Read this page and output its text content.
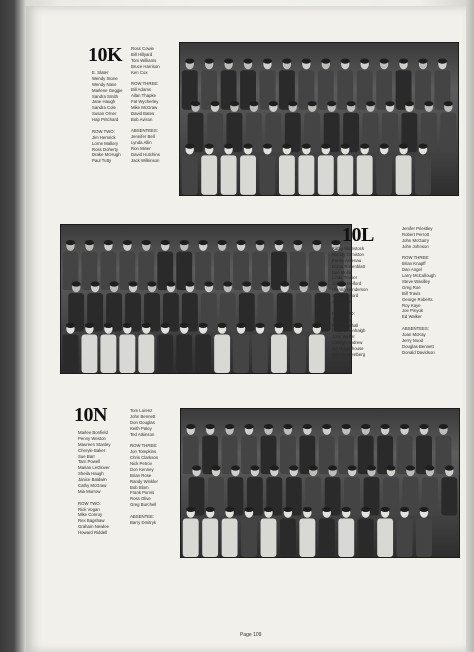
10K
E. Slater
Wendy Stone
Wendy Nave
Marlene Geggie
Sandra Smith
Jane Haugh
Sandra Cole
Susan Orner
Hap Pritchard
ROW TWO:
Jim Hemrick
Lorne Mallory
Ross Doherty
Drake McHugh
Paul Tutty
Ross Cowie
Bill Hillyard
Tom Williams
Bruce Harrison
Ken Cox
ROW THREE:
Bill Adams
Allan Thapke
Fat Wycherley
Mike McGraw
David Bates
Bob Avison
ABSENTEES:
Jennifer Bell
Lynda Allin
Ron Miner
David Hutchins
Jack Wilkinson
10L
Kathy Wienstock
Wendy Ormiston
Penny Arsenau
Diana Rosenblatt
Sue Mollie
Linda Trainer
Joanne Helford
Ulanna Henderson
Sandy Gifford
Jan Stock
ROW TWO:
Tony Riley
Fred Marshall
Hilda Greenhalgh
John Welter
Carolyn Andrew
Ian Hogenhouse
Elmore Westberg
Jenifer Priestley
Robert Perrott
John McGarry
John Johnson
ROW THREE:
Brian Knapff
Dan Angel
Larry McCullough
Steve Wasilley
Greg Roe
Bill Travis
George Roberts
Roy Kaye
Joe Pinyuk
Ed Walker
ABSENTEES:
Joan McKay
Jerry Nood
Douglas Bennett
Donald Davidson
10N
Marlee Bonfield
Penny Weston
Maureen Stanley
Cheryle Baker
Sue Barr
Tarn Powell
Marian LeGlover
Sheila Haugh
Janice Baldwin
Cathy McGraw
Mia Morrow
ROW TWO:
Rick Vogan
Mike Conroy
Rex Bagshaw
Graham Newlee
Howard Riddell
Tom Lorenz
John Bennett
Don Douglas
Keith Paley
Ted Atkinson
ROW THREE:
Jon Tompkins
Chris Clarkson
Nick Petrov
Don Kenney
Brian Rose
Randy Winkler
Bob Blom
Frank Purvis
Ross Olive
Greg Burchell
ABSENTEE:
Barry Dmitryk
Page 109
